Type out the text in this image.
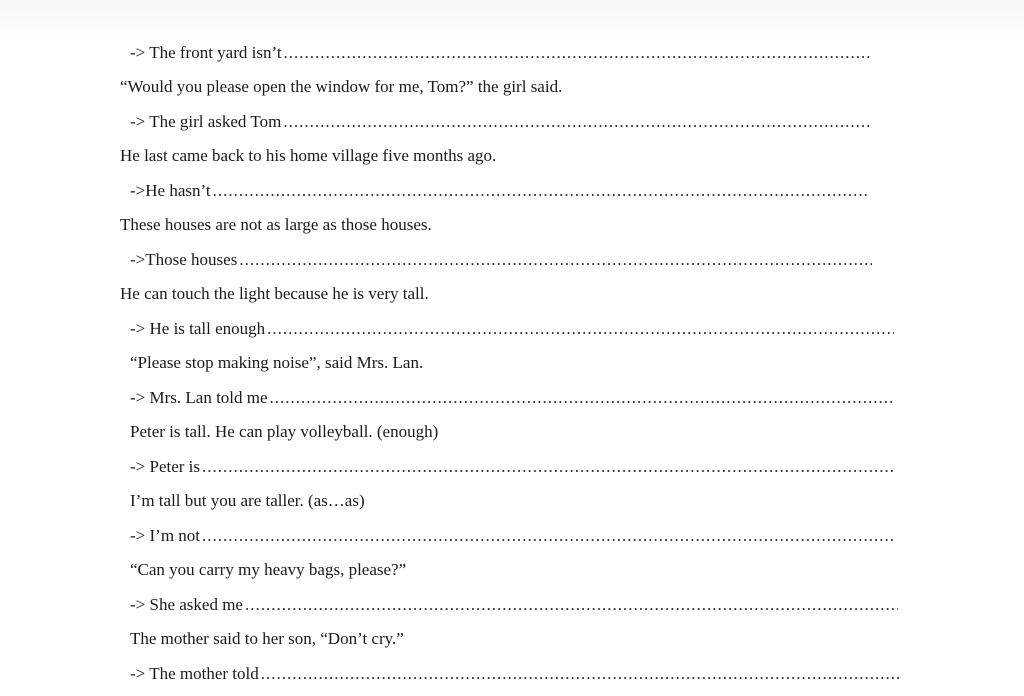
-> The front yard isn’t
.....
“Would you please open the window for me, Tom?” the girl said.
-> The girl asked Tom
.....
He last came back to his home village five months ago.
->He hasn’t
.....
These houses are not as large as those houses.
->Those houses
.....
He can touch the light because he is very tall.
-> He is tall enough
.....
“Please stop making noise”, said Mrs. Lan.
-> Mrs. Lan told me
.....
Peter is tall. He can play volleyball. (enough)
-> Peter is
.....
I’m tall but you are taller. (as…as)
-> I’m not
.....
“Can you carry my heavy bags, please?”
-> She asked me
.....
The mother said to her son, “Don’t cry.”
-> The mother told
.....
